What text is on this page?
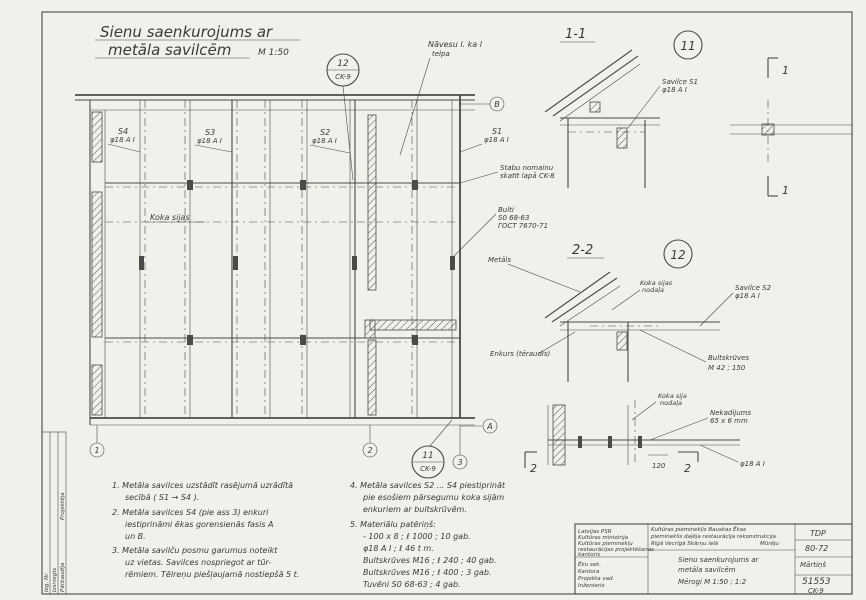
Sienu saenkurojums ar
metāla savilcēm	M 1:50
S4
φ18 A I
S3
φ18 A I
S2
φ18 A I
S1
φ18 A I
Koka sijas
Nāvesu l. ka l
telpa
Stabu nomainu
skatīt lapā CK-8
Bulti
S0 68-63
ГОСТ 7670-71
12
CK-9
11
CK-9
B
A
1	2
3
1-1
11
Savilce S1
φ18 A I
1
1
2-2	12
Metāls
Koka sijas
nodaļa	Savilce S2
φ18 A I
Enkurs (tēraudis)	Bultskrūves
M 42 ; 150
Koka sija
nodaļa
Nekadijums
65 x 6 mm
φ18 A I
120
2	2
1. Metāla savilces uzstādīt rasējumā uzrādītā
secībā ( S1 → S4 ).
2. Metāla savilces S4 (pie ass 3) enkuri
iestiprināmi ēkas gorensienās fasis A
un B.
3. Metāla savilču posmu garumus noteikt
uz vietas. Savilces nospriegot ar tūr-
rēmiem. Tēlreņu piešļaujamā nostiepšā 5 t.
4. Metāla savilces S2 ... S4 piestiprināt
pie esošiem pārsegumu koka sijām
enkuriem ar bultskrūvēm.
5. Materiālu patēriņš:
- 100 x 8 ; ℓ 1000 ; 10 gab.
φ18 A I ; ℓ 46 t m.
Bultskrūves M16 ; ℓ 240 ; 40 gab.
Bultskrūves M16 ; ℓ 400 ; 3 gab.
Tuvēni S0 68-63 ; 4 gab.
Ieg. Nr. Izsniegts Pārbaudīja
Projektēja
Latvijas PSR
Kultūras ministrija
Kultūras pieminekļu
restaurācijas projektēšanas
kantoris
Ēku sek.
Kantora
Projekta vad.
Inženieris
Kultūras pieminekļis Bauskas Ēkas
piemineklis daļēja restaurācija rekonstrukcija
Rīgā Vecrīgā Skārņu ielā	Mūrēju
Sienu saenkurojums ar
metāla savilcēm
Mērogi M 1:50 ; 1:2
TDP
80-72
Mārtiņš
51553
CK-9
